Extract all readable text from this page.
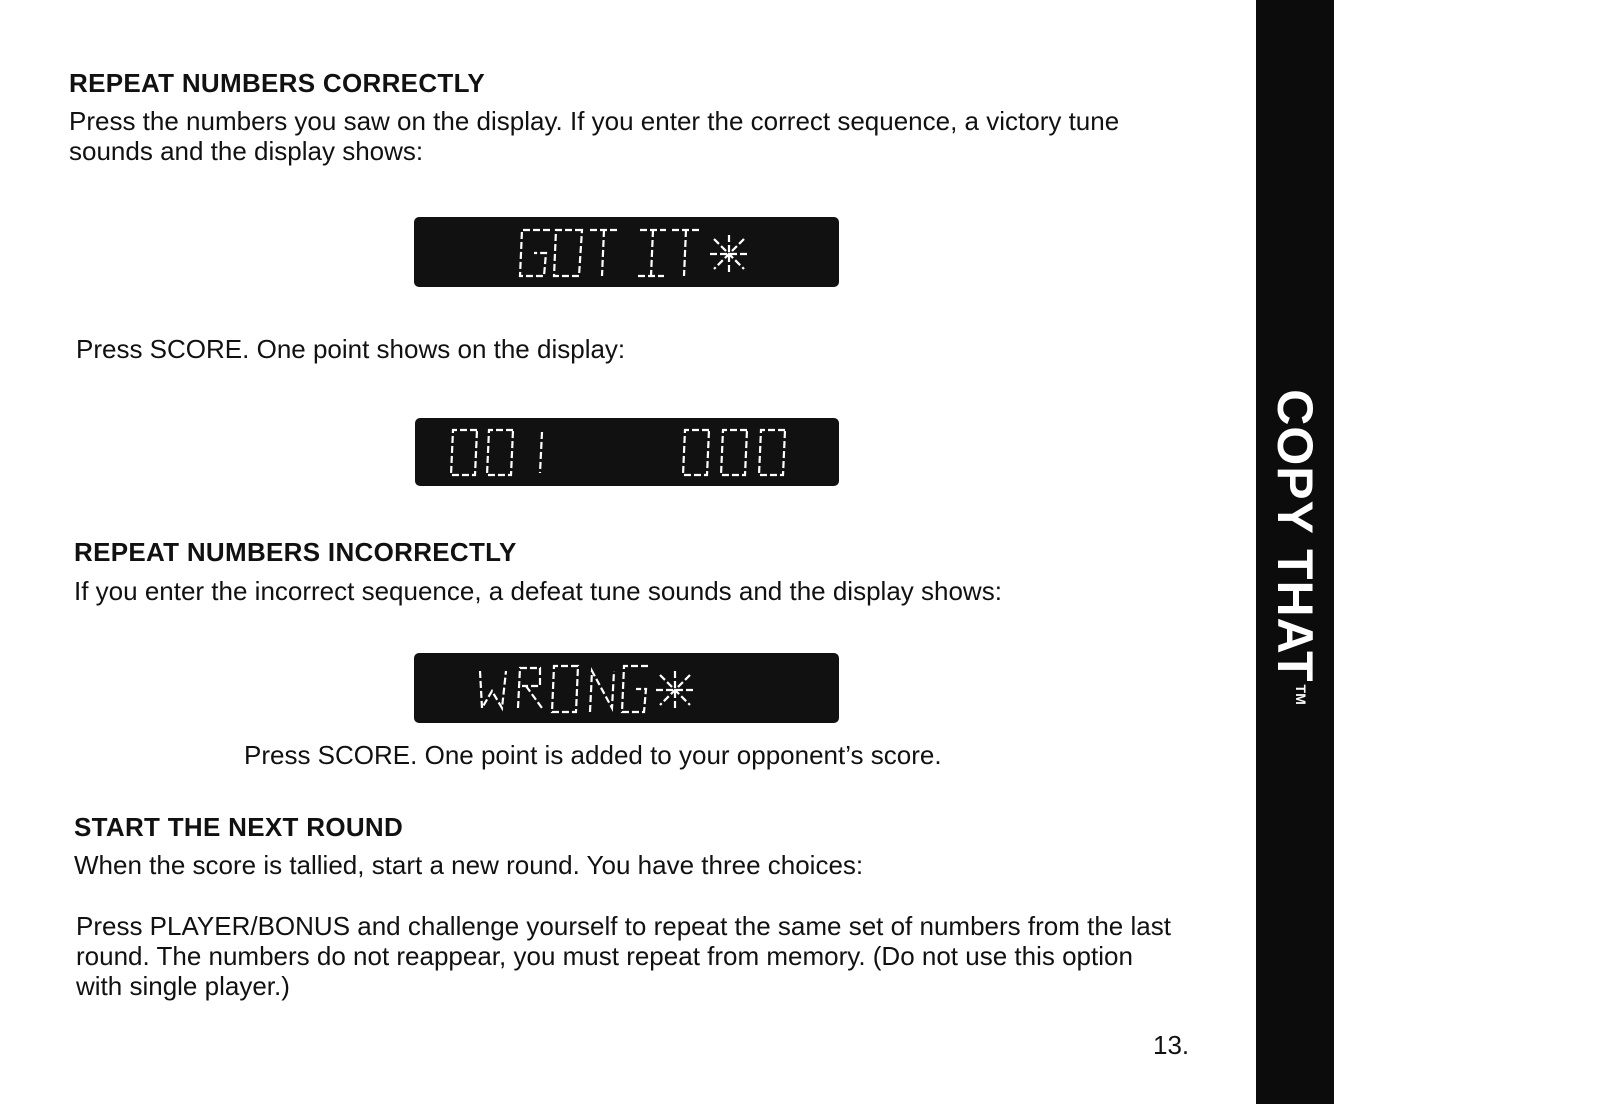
REPEAT NUMBERS CORRECTLY

Press the numbers you saw on the display. If you enter the correct sequence, a victory tune sounds and the display shows:

Press SCORE. One point shows on the display:

REPEAT NUMBERS INCORRECTLY

If you enter the incorrect sequence, a defeat tune sounds and the display shows:

Press SCORE. One point is added to your opponent’s score.

START THE NEXT ROUND

When the score is tallied, start a new round. You have three choices:

Press PLAYER/BONUS and challenge yourself to repeat the same set of numbers from the last round. The numbers do not reappear, you must repeat from memory. (Do not use this option with single player.)

13.

COPY THAT™
